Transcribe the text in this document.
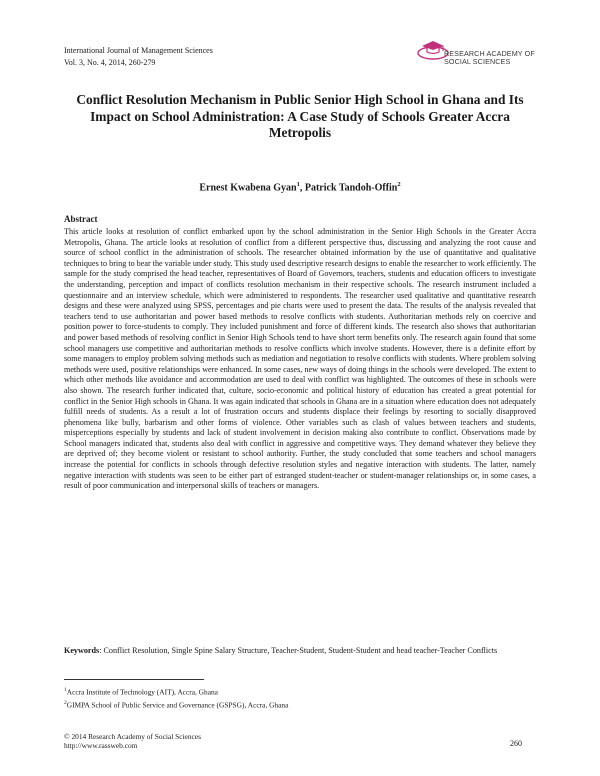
International Journal of Management Sciences
Vol. 3, No. 4, 2014, 260-279
RESEARCH ACADEMY OF
SOCIAL SCIENCES
Conflict Resolution Mechanism in Public Senior High School in Ghana and Its Impact on School Administration: A Case Study of Schools Greater Accra Metropolis
Ernest Kwabena Gyan$^1$, Patrick Tandoh-Offin$^2$
Abstract

This article looks at resolution of conflict embarked upon by the school administration in the Senior High Schools in the Greater Accra Metropolis, Ghana. The article looks at resolution of conflict from a different perspective thus, discussing and analyzing the root cause and source of school conflict in the administration of schools. The researcher obtained information by the use of quantitative and qualitative techniques to bring to bear the variable under study. This study used descriptive research designs to enable the researcher to work efficiently. The sample for the study comprised the head teacher, representatives of Board of Governors, teachers, students and education officers to investigate the understanding, perception and impact of conflicts resolution mechanism in their respective schools. The research instrument included a questionnaire and an interview schedule, which were administered to respondents. The researcher used qualitative and quantitative research designs and these were analyzed using SPSS, percentages and pie charts were used to present the data. The results of the analysis revealed that teachers tend to use authoritarian and power based methods to resolve conflicts with students. Authoritarian methods rely on coercive and position power to force-students to comply. They included punishment and force of different kinds. The research also shows that authoritarian and power based methods of resolving conflict in Senior High Schools tend to have short term benefits only. The research again found that some school managers use competitive and authoritarian methods to resolve conflicts which involve students. However, there is a definite effort by some managers to employ problem solving methods such as mediation and negotiation to resolve conflicts with students. Where problem solving methods were used, positive relationships were enhanced. In some cases, new ways of doing things in the schools were developed. The extent to which other methods like avoidance and accommodation are used to deal with conflict was highlighted. The outcomes of these in schools were also shown. The research further indicated that, culture, socio-economic and political history of education has created a great potential for conflict in the Senior High schools in Ghana. It was again indicated that schools in Ghana are in a situation where education does not adequately fulfill needs of students. As a result a lot of frustration occurs and students displace their feelings by resorting to socially disapproved phenomena like bully, barbarism and other forms of violence. Other variables such as clash of values between teachers and students, misperceptions especially by students and lack of student involvement in decision making also contribute to conflict. Observations made by School managers indicated that, students also deal with conflict in aggressive and competitive ways. They demand whatever they believe they are deprived of; they become violent or resistant to school authority. Further, the study concluded that some teachers and school managers increase the potential for conflicts in schools through defective resolution styles and negative interaction with students. The latter, namely negative interaction with students was seen to be either part of estranged student-teacher or student-manager relationships or, in some cases, a result of poor communication and interpersonal skills of teachers or managers.

Keywords: Conflict Resolution, Single Spine Salary Structure, Teacher-Student, Student-Student and head teacher-Teacher Conflicts
$^1$Accra Institute of Technology (AIT), Accra, Ghana
$^2$GIMPA School of Public Service and Governance (GSPSG), Accra, Ghana
© 2014 Research Academy of Social Sciences
http://www.rassweb.com	260
